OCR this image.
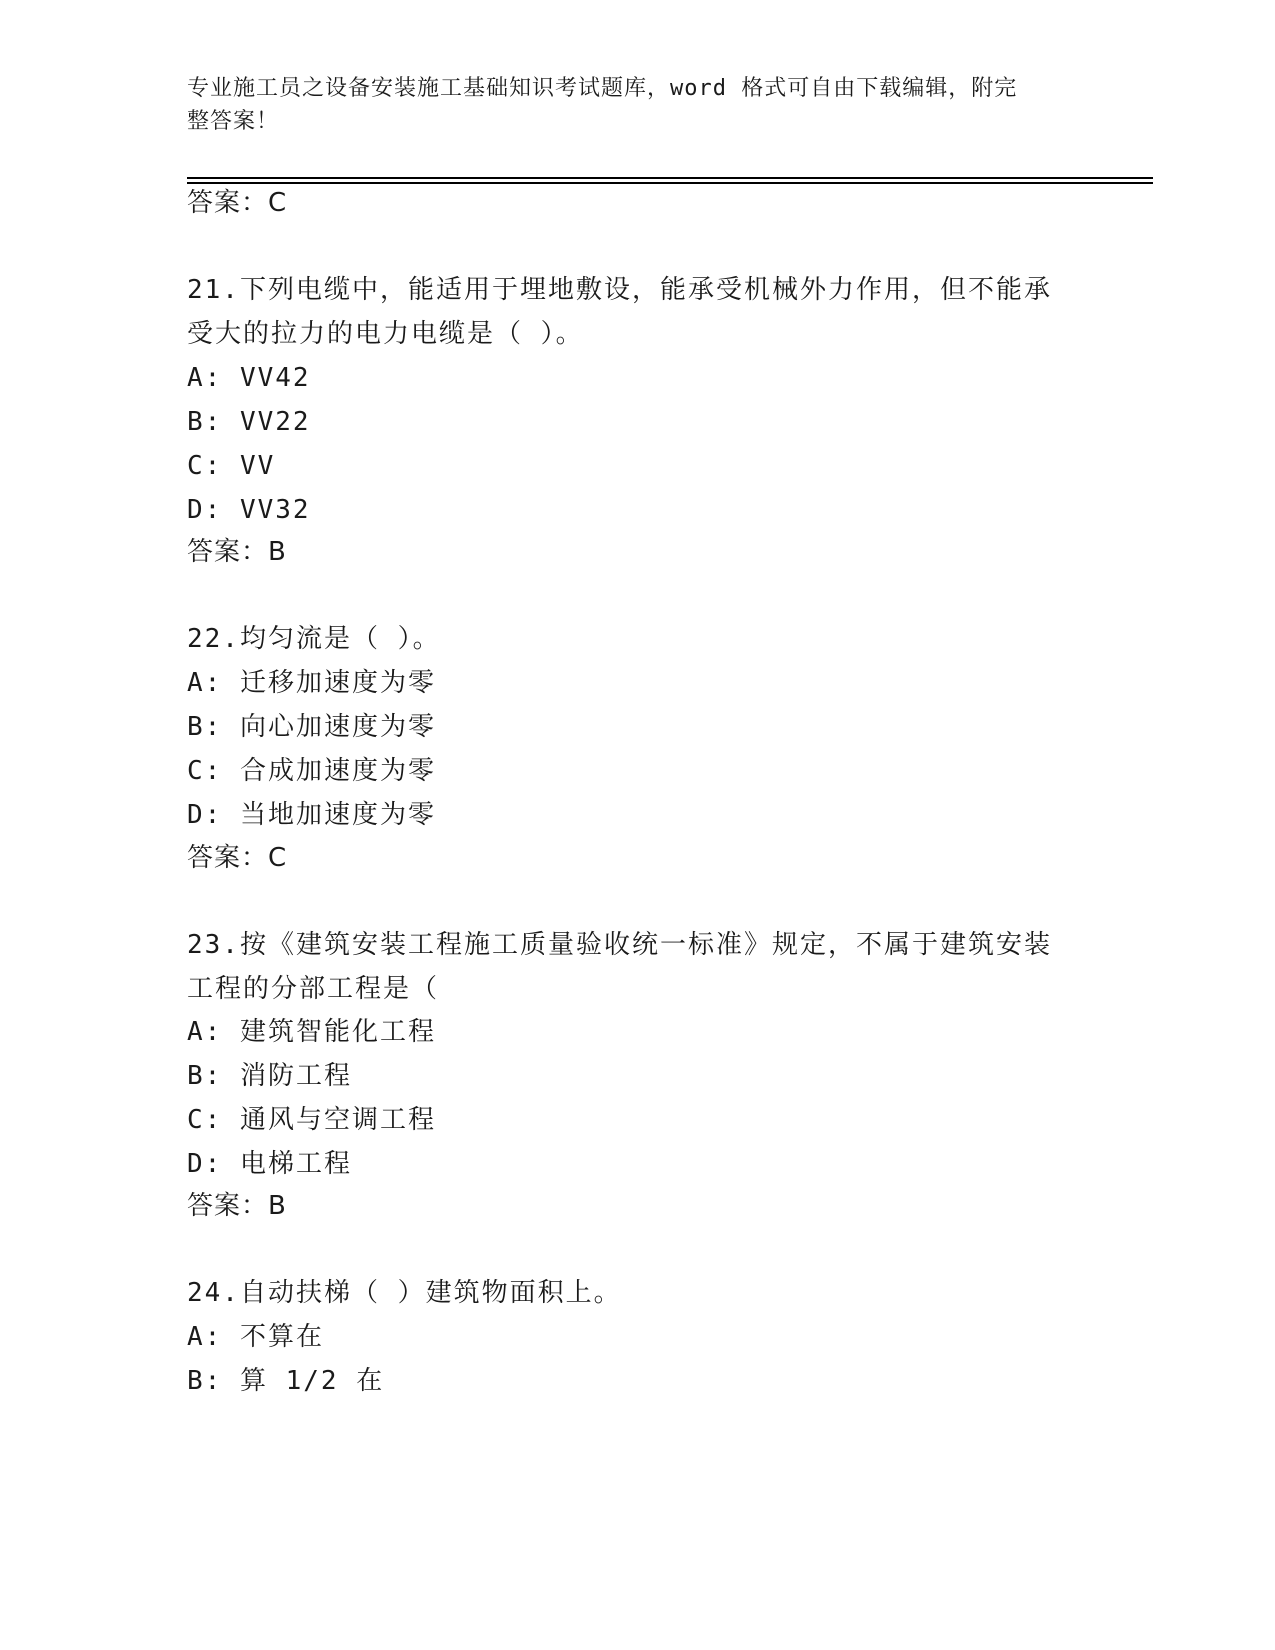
专业施工员之设备安装施工基础知识考试题库，word 格式可自由下载编辑，附完
整答案！
答案：C
21.下列电缆中，能适用于埋地敷设，能承受机械外力作用，但不能承
受大的拉力的电力电缆是（ ）。
A: VV42
B: VV22
C: VV
D: VV32
答案：B
22.均匀流是（ ）。
A: 迁移加速度为零
B: 向心加速度为零
C: 合成加速度为零
D: 当地加速度为零
答案：C
23.按《建筑安装工程施工质量验收统一标准》规定，不属于建筑安装
工程的分部工程是（
A: 建筑智能化工程
B: 消防工程
C: 通风与空调工程
D: 电梯工程
答案：B
24.自动扶梯（ ）建筑物面积上。
A: 不算在
B: 算 1/2 在
